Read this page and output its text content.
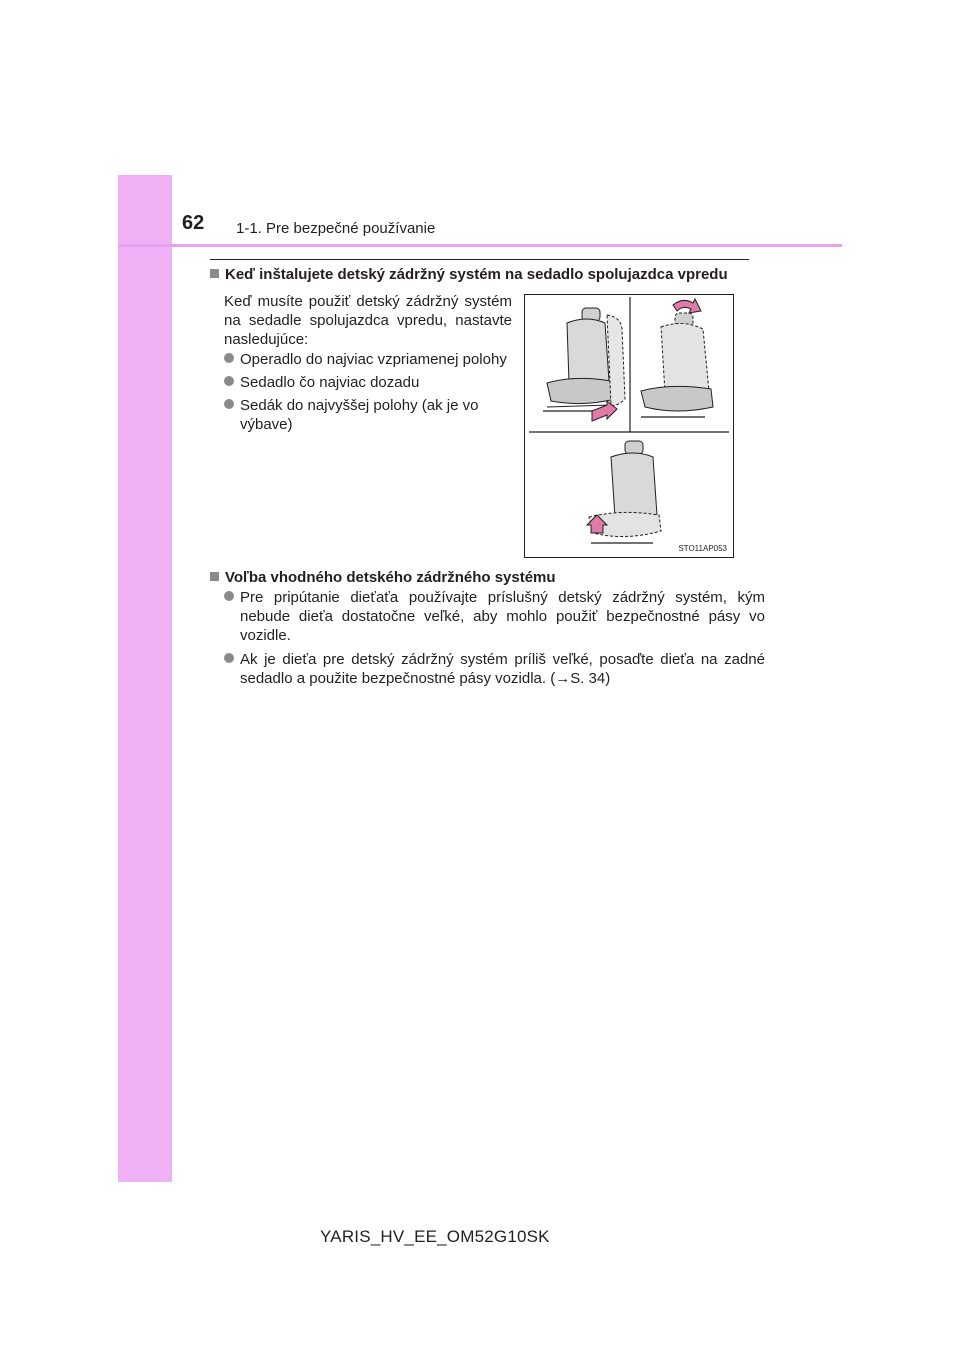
62 1-1. Pre bezpečné používanie
Keď inštalujete detský zádržný systém na sedadlo spolujazdca vpredu
Keď musíte použiť detský zádržný systém na sedadle spolujazdca vpredu, nastavte nasledujúce:
Operadlo do najviac vzpriamenej polohy
Sedadlo čo najviac dozadu
Sedák do najvyššej polohy (ak je vo výbave)
STO11AP053
Voľba vhodného detského zádržného systému
Pre pripútanie dieťaťa používajte príslušný detský zádržný systém, kým nebude dieťa dostatočne veľké, aby mohlo použiť bezpečnostné pásy vo vozidle.
Ak je dieťa pre detský zádržný systém príliš veľké, posaďte dieťa na zadné sedadlo a použite bezpečnostné pásy vozidla. (→S. 34)
YARIS_HV_EE_OM52G10SK
